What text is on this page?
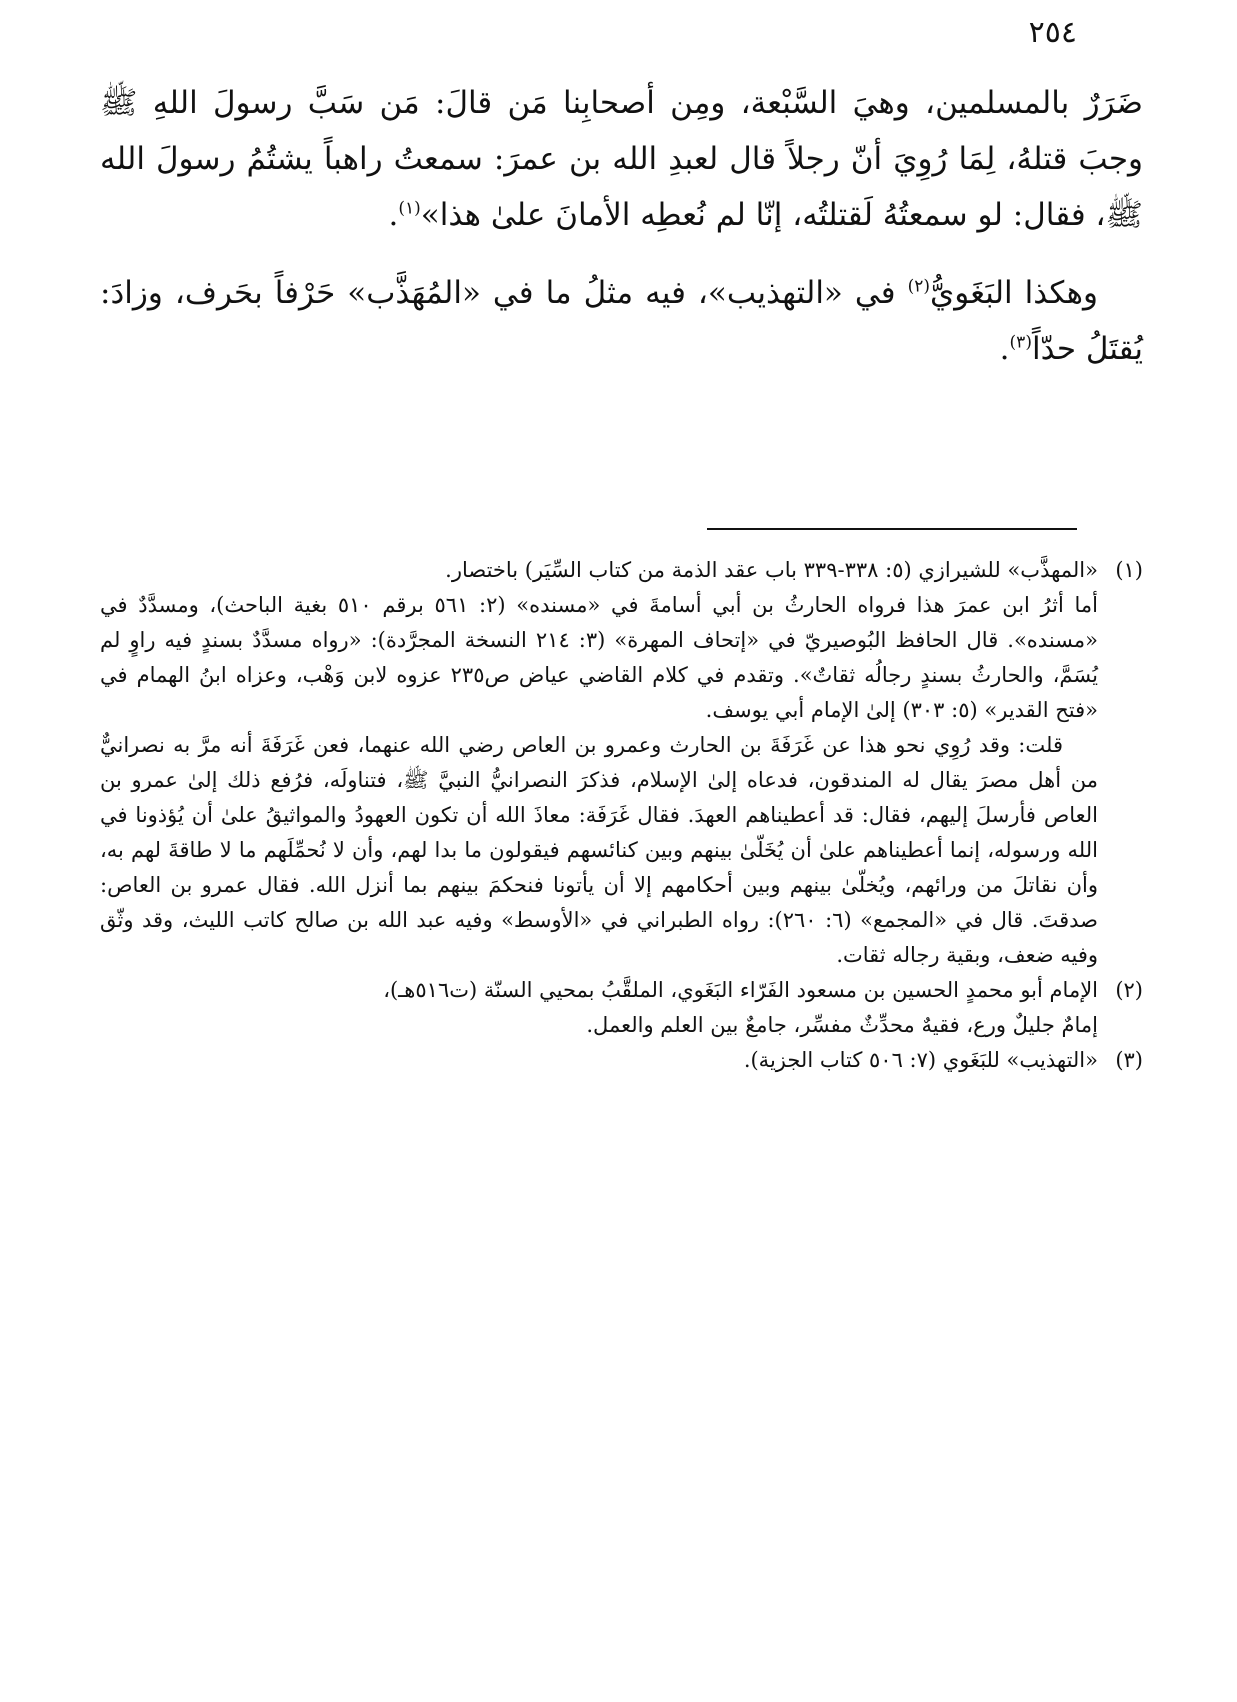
٢٥٤

ضَرَرٌ بالمسلمين، وهيَ السَّبْعة، ومِن أصحابِنا مَن قالَ: مَن سَبَّ رسولَ اللهِ ﷺ وجبَ قتلهُ، لِمَا رُوِيَ أنّ رجلاً قال لعبدِ الله بن عمرَ: سمعتُ راهباً يشتُمُ رسولَ الله ﷺ، فقال: لو سمعتُهُ لَقتلتُه، إنّا لم نُعطِه الأمانَ علىٰ هذا»$^{(١)}$.

وهكذا البَغَويُّ$^{(٢)}$ في «التهذيب»، فيه مثلُ ما في «المُهَذَّب» حَرْفاً بحَرف، وزادَ: يُقتَلُ حدّاً$^{(٣)}$.

(١)«المهذَّب» للشيرازي (٥: ٣٣٨-٣٣٩ باب عقد الذمة من كتاب السِّيَر) باختصار.

أما أثرُ ابن عمرَ هذا فرواه الحارثُ بن أبي أسامةَ في «مسنده» (٢: ٥٦١ برقم ٥١٠ بغية الباحث)، ومسدَّدٌ في «مسنده». قال الحافظ البُوصيريّ في «إتحاف المهرة» (٣: ٢١٤ النسخة المجرَّدة): «رواه مسدَّدٌ بسندٍ فيه راوٍ لم يُسَمَّ، والحارثُ بسندٍ رجالُه ثقاتٌ». وتقدم في كلام القاضي عياض ص٢٣٥ عزوه لابن وَهْب، وعزاه ابنُ الهمام في «فتح القدير» (٥: ٣٠٣) إلىٰ الإمام أبي يوسف.

قلت: وقد رُوِي نحو هذا عن غَرَفَةَ بن الحارث وعمرو بن العاص رضي الله عنهما، فعن غَرَفَةَ أنه مرَّ به نصرانيٌّ من أهل مصرَ يقال له المندقون، فدعاه إلىٰ الإسلام، فذكرَ النصرانيُّ النبيَّ ﷺ، فتناولَه، فرُفع ذلك إلىٰ عمرو بن العاص فأرسلَ إليهم، فقال: قد أعطيناهم العهدَ. فقال غَرَفَة: معاذَ الله أن تكون العهودُ والمواثيقُ علىٰ أن يُؤذونا في الله ورسوله، إنما أعطيناهم علىٰ أن يُخَلّىٰ بينهم وبين كنائسهم فيقولون ما بدا لهم، وأن لا نُحمِّلَهم ما لا طاقةَ لهم به، وأن نقاتلَ من ورائهم، ويُخلّىٰ بينهم وبين أحكامهم إلا أن يأتونا فنحكمَ بينهم بما أنزل الله. فقال عمرو بن العاص: صدقتَ. قال في «المجمع» (٦: ٢٦٠): رواه الطبراني في «الأوسط» وفيه عبد الله بن صالح كاتب الليث، وقد وثّق وفيه ضعف، وبقية رجاله ثقات.

(٢)الإمام أبو محمدٍ الحسين بن مسعود الفَرّاء البَغَوي، الملقَّبُ بمحيي السنّة (ت٥١٦هـ)،

إمامٌ جليلٌ ورع، فقيهٌ محدِّثٌ مفسِّر، جامعٌ بين العلم والعمل.

(٣)«التهذيب» للبَغَوي (٧: ٥٠٦ كتاب الجزية).
